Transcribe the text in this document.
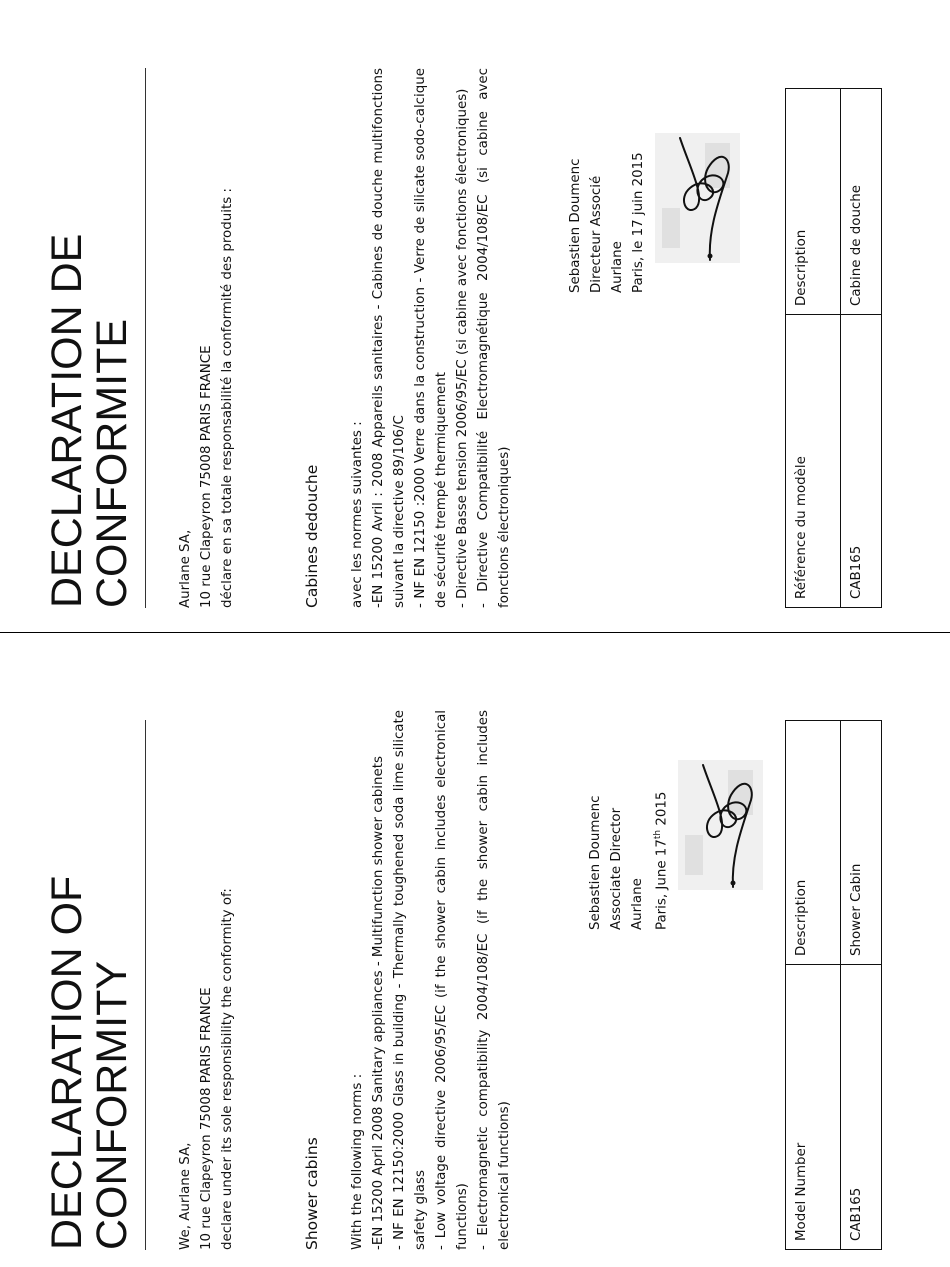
DECLARATION DE
CONFORMITE	Aurlane SA, 10 rue Clapeyron 75008 PARIS FRANCE déclare en sa totale responsabilité la conformité des produits :	Cabines dedouche avec les normes suivantes : -EN 15200 Avril : 2008 Appareils sanitaires - Cabines de douche multifonctions suivant la directive 89/106/C - NF EN 12150 :2000 Verre dans la construction - Verre de silicate sodo-calcique de sécurité trempé thermiquement - Directive Basse tension 2006/95/EC (si cabine avec fonctions électroniques) - Directive Compatibilité Electromagnétique 2004/108/EC (si cabine avec fonctions électroniques)
Sebastien Doumenc Directeur Associé Aurlane Paris, le 17 juin 2015
Référence du modèle	Description
CAB165	Cabine de douche
DECLARATION OF
CONFORMITY	We, Aurlane SA, 10 rue Clapeyron 75008 PARIS FRANCE declare under its sole responsibility the conformity of:	Shower cabins With the following norms : -EN 15200 April 2008 Sanitary appliances - Multifunction shower cabinets - NF EN 12150:2000 Glass in building - Thermally toughened soda lime silicate safety glass - Low voltage directive 2006/95/EC (if the shower cabin includes electronical functions) - Electromagnetic compatibility 2004/108/EC (if the shower cabin includes electronical functions)
Sebastien Doumenc Associate Director Aurlane Paris, June 17th 2015
Model Number	Description
CAB165	Shower Cabin
